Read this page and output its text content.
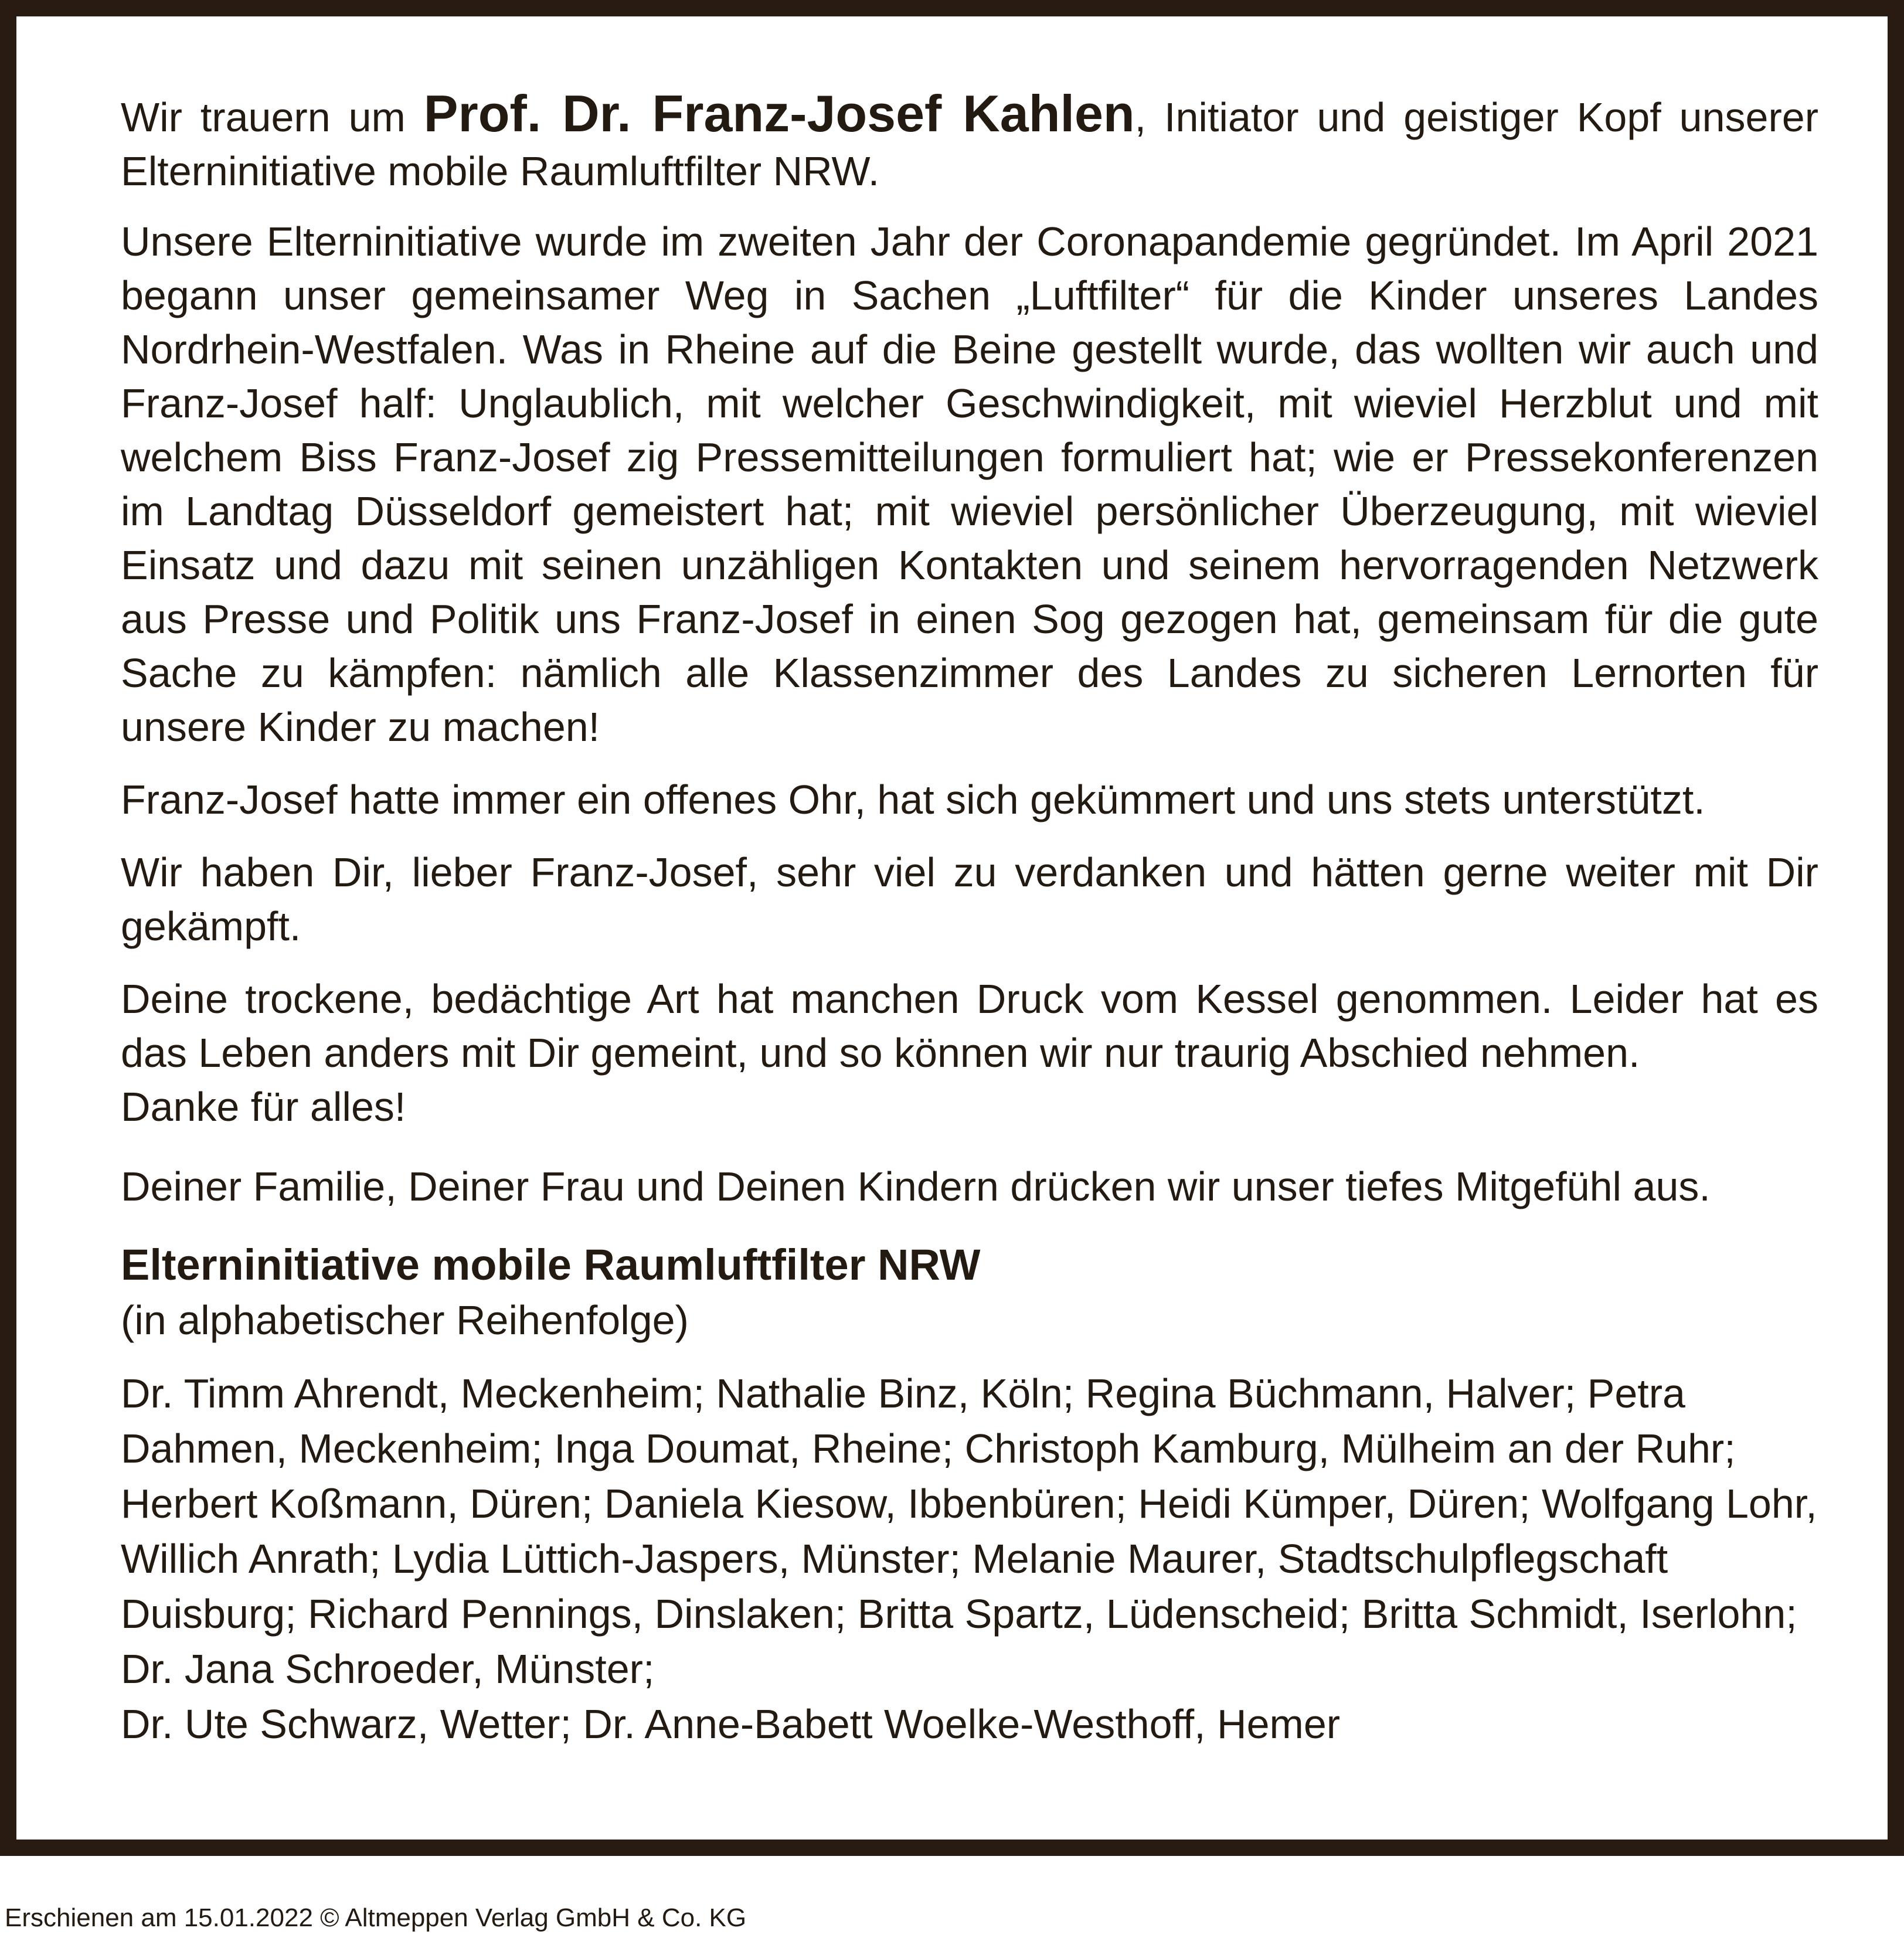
Wir trauern um Prof. Dr. Franz-Josef Kahlen, Initiator und geistiger Kopf unserer Elterninitiative mobile Raumluftfilter NRW.

Unsere Elterninitiative wurde im zweiten Jahr der Coronapandemie gegründet. Im April 2021 begann unser gemeinsamer Weg in Sachen „Luftfilter“ für die Kinder unseres Landes Nordrhein-Westfalen. Was in Rheine auf die Beine gestellt wurde, das wollten wir auch und Franz-Josef half: Unglaublich, mit welcher Geschwindigkeit, mit wieviel Herzblut und mit welchem Biss Franz-Josef zig Pressemitteilungen formuliert hat; wie er Pressekonferenzen im Landtag Düsseldorf gemeistert hat; mit wieviel persönlicher Überzeugung, mit wieviel Einsatz und dazu mit seinen unzähligen Kontakten und seinem hervorragenden Netzwerk aus Presse und Politik uns Franz-Josef in einen Sog gezogen hat, gemeinsam für die gute Sache zu kämpfen: nämlich alle Klassenzimmer des Landes zu sicheren Lernorten für unsere Kinder zu machen!

Franz-Josef hatte immer ein offenes Ohr, hat sich gekümmert und uns stets unterstützt.

Wir haben Dir, lieber Franz-Josef, sehr viel zu verdanken und hätten gerne weiter mit Dir gekämpft.

Deine trockene, bedächtige Art hat manchen Druck vom Kessel genommen. Leider hat es das Leben anders mit Dir gemeint, und so können wir nur traurig Abschied nehmen.
Danke für alles!

Deiner Familie, Deiner Frau und Deinen Kindern drücken wir unser tiefes Mitgefühl aus.

Elterninitiative mobile Raumluftfilter NRW
(in alphabetischer Reihenfolge)

Dr. Timm Ahrendt, Meckenheim; Nathalie Binz, Köln; Regina Büchmann, Halver; Petra Dahmen, Meckenheim; Inga Doumat, Rheine; Christoph Kamburg, Mülheim an der Ruhr; Herbert Koßmann, Düren; Daniela Kiesow, Ibbenbüren; Heidi Kümper, Düren; Wolfgang Lohr, Willich Anrath; Lydia Lüttich-Jaspers, Münster; Melanie Maurer, Stadtschulpflegschaft Duisburg; Richard Pennings, Dinslaken; Britta Spartz, Lüdenscheid; Britta Schmidt, Iserlohn; Dr. Jana Schroeder, Münster;
Dr. Ute Schwarz, Wetter; Dr. Anne-Babett Woelke-Westhoff, Hemer

Erschienen am 15.01.2022 © Altmeppen Verlag GmbH & Co. KG
